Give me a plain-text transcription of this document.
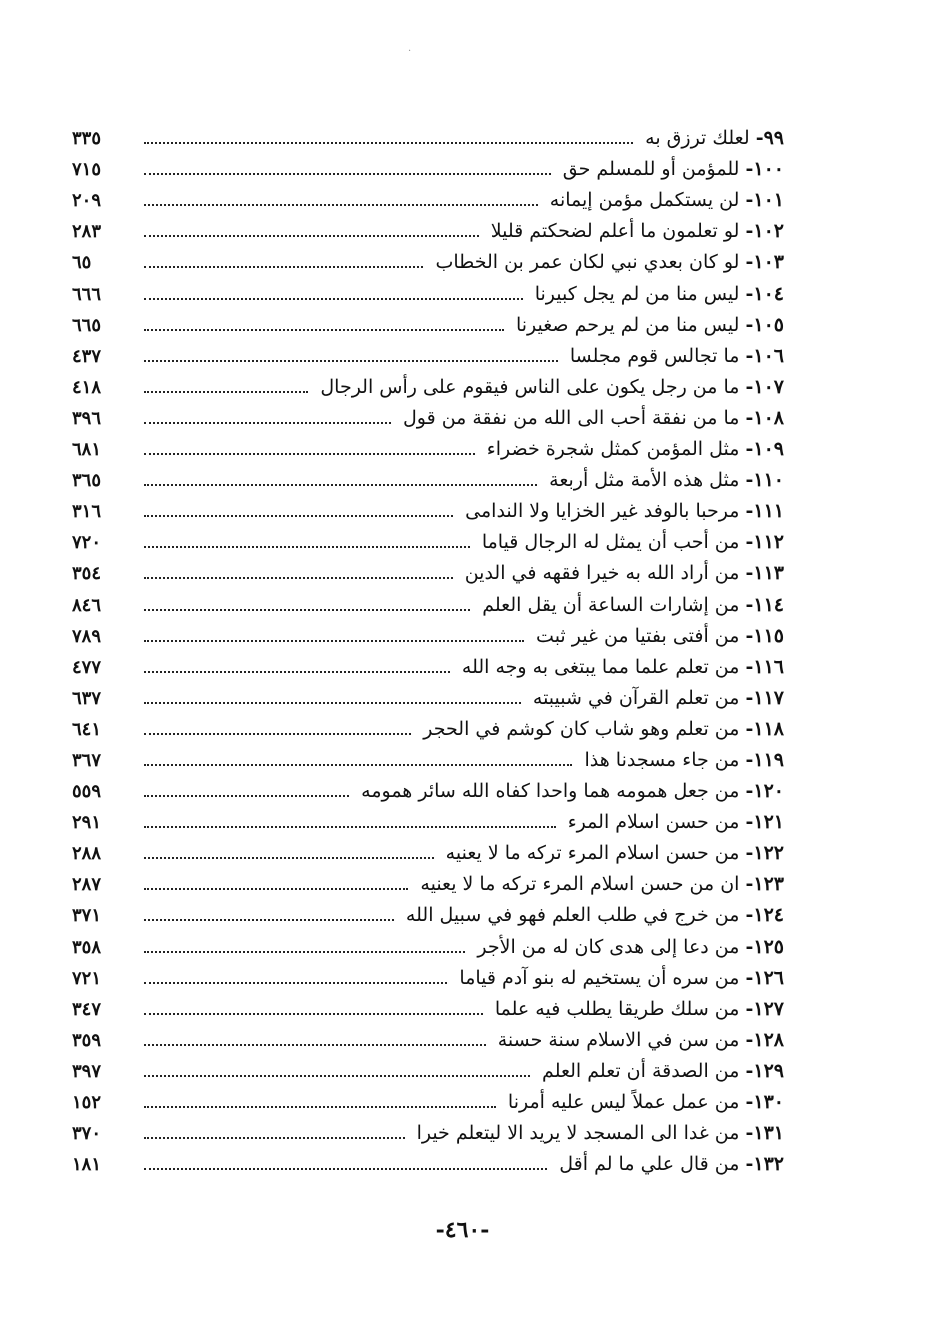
·
٩٩- لعلك ترزق به
٣٣٥
١٠٠- للمؤمن أو للمسلم حق
٧١٥
١٠١- لن يستكمل مؤمن إيمانه
٢٠٩
١٠٢- لو تعلمون ما أعلم لضحكتم قليلا
٢٨٣
١٠٣- لو كان بعدي نبي لكان عمر بن الخطاب
٦٥
١٠٤- ليس منا من لم يجل كبيرنا
٦٦٦
١٠٥- ليس منا من لم يرحم صغيرنا
٦٦٥
١٠٦- ما تجالس قوم مجلسا
٤٣٧
١٠٧- ما من رجل يكون على الناس فيقوم على رأس الرجال
٤١٨
١٠٨- ما من نفقة أحب الى الله من نفقة من قول
٣٩٦
١٠٩- مثل المؤمن كمثل شجرة خضراء
٦٨١
١١٠- مثل هذه الأمة مثل أربعة
٣٦٥
١١١- مرحبا بالوفد غير الخزايا ولا الندامى
٣١٦
١١٢- من أحب أن يمثل له الرجال قياما
٧٢٠
١١٣- من أراد الله به خيرا فقهه في الدين
٣٥٤
١١٤- من إشارات الساعة أن يقل العلم
٨٤٦
١١٥- من أفتى بفتيا من غير ثبت
٧٨٩
١١٦- من تعلم علما مما يبتغى به وجه الله
٤٧٧
١١٧- من تعلم القرآن في شبيبته
٦٣٧
١١٨- من تعلم وهو شاب كان كوشم في الحجر
٦٤١
١١٩- من جاء مسجدنا هذا
٣٦٧
١٢٠- من جعل همومه هما واحدا كفاه الله سائر همومه
٥٥٩
١٢١- من حسن اسلام المرء
٢٩١
١٢٢- من حسن اسلام المرء تركه ما لا يعنيه
٢٨٨
١٢٣- ان من حسن اسلام المرء تركه ما لا يعنيه
٢٨٧
١٢٤- من خرج في طلب العلم فهو في سبيل الله
٣٧١
١٢٥- من دعا إلى هدى كان له من الأجر
٣٥٨
١٢٦- من سره أن يستخيم له بنو آدم قياما
٧٢١
١٢٧- من سلك طريقا يطلب فيه علما
٣٤٧
١٢٨- من سن في الاسلام سنة حسنة
٣٥٩
١٢٩- من الصدقة أن تعلم العلم
٣٩٧
١٣٠- من عمل عملاً ليس عليه أمرنا
١٥٢
١٣١- من غدا الى المسجد لا يريد الا ليتعلم خيرا
٣٧٠
١٣٢- من قال علي ما لم أقل
١٨١
-٤٦٠-
